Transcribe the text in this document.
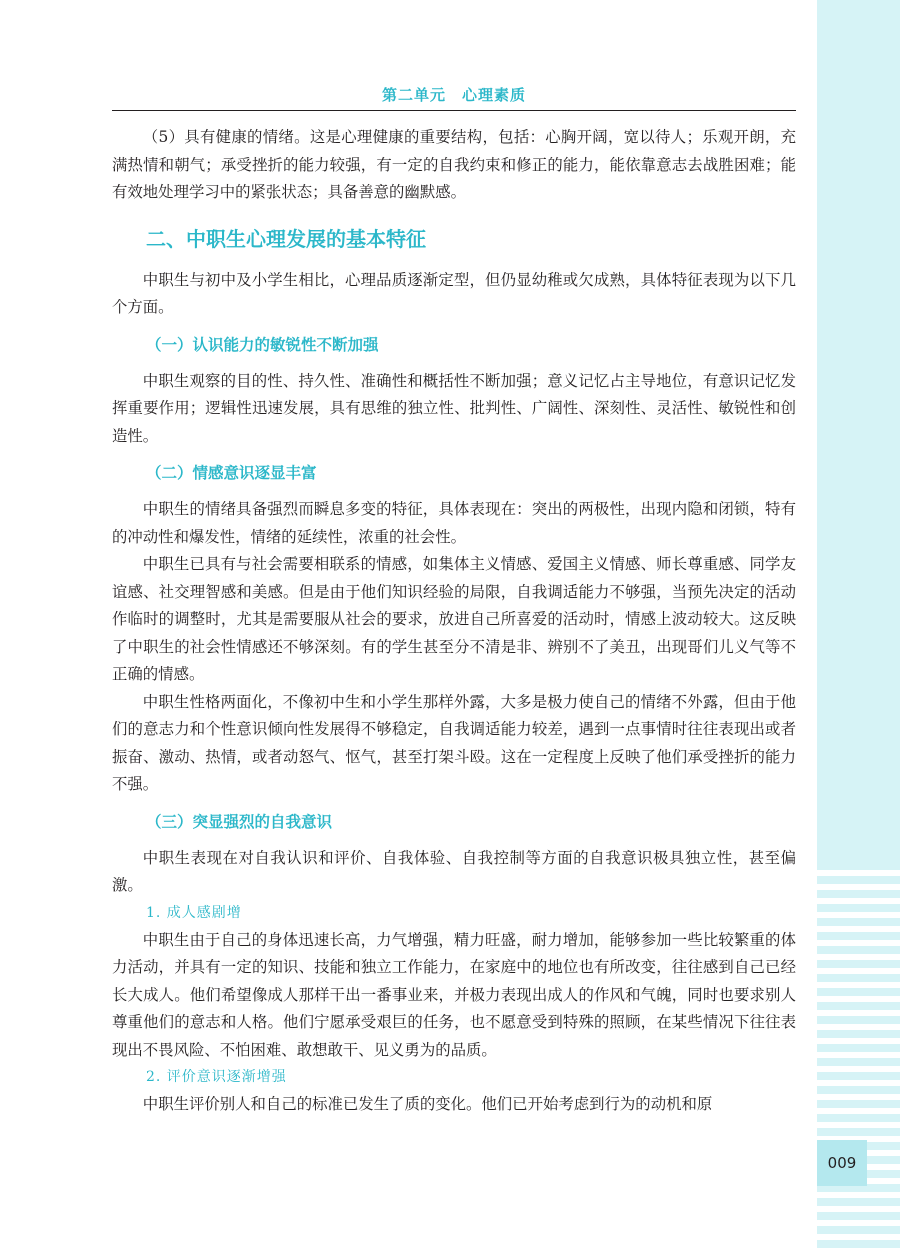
009
第二单元　心理素质

（5）具有健康的情绪。这是心理健康的重要结构，包括：心胸开阔，宽以待人；乐观开朗，充满热情和朝气；承受挫折的能力较强，有一定的自我约束和修正的能力，能依靠意志去战胜困难；能有效地处理学习中的紧张状态；具备善意的幽默感。

二、中职生心理发展的基本特征

中职生与初中及小学生相比，心理品质逐渐定型，但仍显幼稚或欠成熟，具体特征表现为以下几个方面。

（一）认识能力的敏锐性不断加强

中职生观察的目的性、持久性、准确性和概括性不断加强；意义记忆占主导地位，有意识记忆发挥重要作用；逻辑性迅速发展，具有思维的独立性、批判性、广阔性、深刻性、灵活性、敏锐性和创造性。

（二）情感意识逐显丰富

中职生的情绪具备强烈而瞬息多变的特征，具体表现在：突出的两极性，出现内隐和闭锁，特有的冲动性和爆发性，情绪的延续性，浓重的社会性。

中职生已具有与社会需要相联系的情感，如集体主义情感、爱国主义情感、师长尊重感、同学友谊感、社交理智感和美感。但是由于他们知识经验的局限，自我调适能力不够强，当预先决定的活动作临时的调整时，尤其是需要服从社会的要求，放进自己所喜爱的活动时，情感上波动较大。这反映了中职生的社会性情感还不够深刻。有的学生甚至分不清是非、辨别不了美丑，出现哥们儿义气等不正确的情感。

中职生性格两面化，不像初中生和小学生那样外露，大多是极力使自己的情绪不外露，但由于他们的意志力和个性意识倾向性发展得不够稳定，自我调适能力较差，遇到一点事情时往往表现出或者振奋、激动、热情，或者动怒气、怄气，甚至打架斗殴。这在一定程度上反映了他们承受挫折的能力不强。

（三）突显强烈的自我意识

中职生表现在对自我认识和评价、自我体验、自我控制等方面的自我意识极具独立性，甚至偏激。

1. 成人感剧增

中职生由于自己的身体迅速长高，力气增强，精力旺盛，耐力增加，能够参加一些比较繁重的体力活动，并具有一定的知识、技能和独立工作能力，在家庭中的地位也有所改变，往往感到自己已经长大成人。他们希望像成人那样干出一番事业来，并极力表现出成人的作风和气魄，同时也要求别人尊重他们的意志和人格。他们宁愿承受艰巨的任务，也不愿意受到特殊的照顾，在某些情况下往往表现出不畏风险、不怕困难、敢想敢干、见义勇为的品质。

2. 评价意识逐渐增强

中职生评价别人和自己的标准已发生了质的变化。他们已开始考虑到行为的动机和原
